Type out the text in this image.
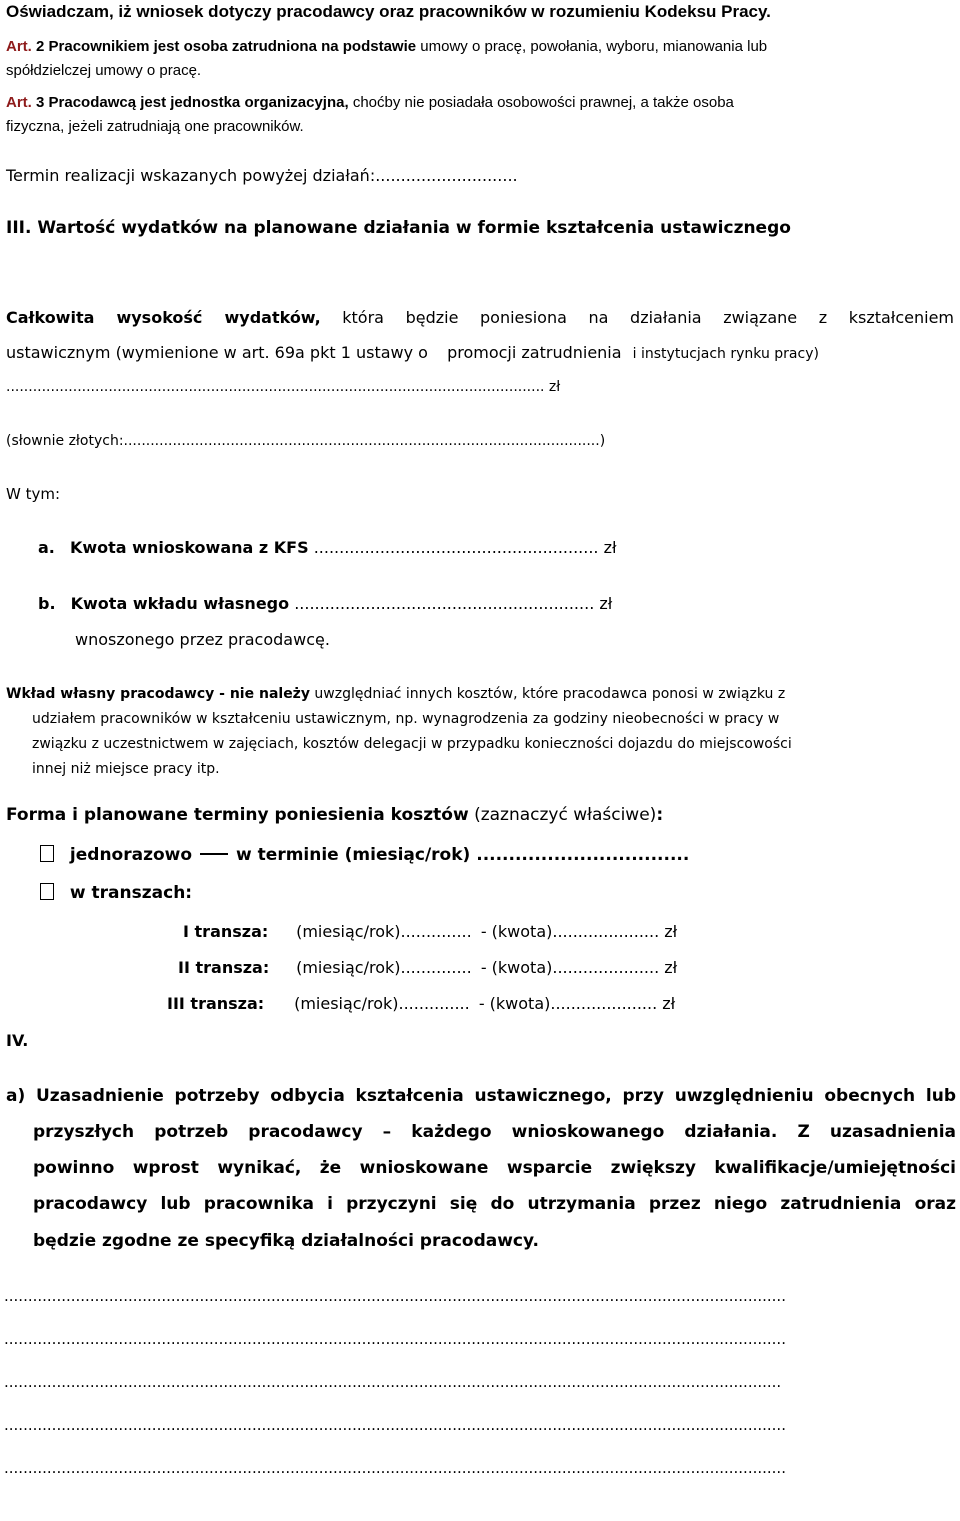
Oświadczam, iż wniosek dotyczy pracodawcy oraz pracowników w rozumieniu Kodeksu Pracy.
Art. 2 Pracownikiem jest osoba zatrudniona na podstawie umowy o pracę, powołania, wyboru, mianowania lub
spółdzielczej umowy o pracę.
Art. 3 Pracodawcą jest jednostka organizacyjna, choćby nie posiadała osobowości prawnej, a także osoba
fizyczna, jeżeli zatrudniają one pracowników.
Termin realizacji wskazanych powyżej działań:............................
III. Wartość wydatków na planowane działania w formie kształcenia ustawicznego
Całkowita wysokość wydatków, która będzie poniesiona na działania związane z kształceniem
ustawicznym (wymienione w art. 69a pkt 1 ustawy o promocji zatrudnienia i instytucjach rynku pracy)
......................................................................................................................... zł
(słownie złotych:...........................................................................................................)
W tym:
a. Kwota wnioskowana z KFS ........................................................ zł
b. Kwota wkładu własnego ........................................................... zł
wnoszonego przez pracodawcę.
Wkład własny pracodawcy - nie należy uwzględniać innych kosztów, które pracodawca ponosi w związku z
udziałem pracowników w kształceniu ustawicznym, np. wynagrodzenia za godziny nieobecności w pracy w
związku z uczestnictwem w zajęciach, kosztów delegacji w przypadku konieczności dojazdu do miejscowości
innej niż miejsce pracy itp.
Forma i planowane terminy poniesienia kosztów (zaznaczyć właściwe):
jednorazowo	w terminie (miesiąc/rok) .................................
w transzach:
I transza: (miesiąc/rok).............. - (kwota)..................... zł
II transza: (miesiąc/rok).............. - (kwota)..................... zł
III transza: (miesiąc/rok).............. - (kwota)..................... zł
IV.
a) Uzasadnienie potrzeby odbycia kształcenia ustawicznego, przy uwzględnieniu obecnych lub
przyszłych potrzeb pracodawcy – każdego wnioskowanego działania. Z uzasadnienia
powinno wprost wynikać, że wnioskowane wsparcie zwiększy kwalifikacje/umiejętności
pracodawcy lub pracownika i przyczyni się do utrzymania przez niego zatrudnienia oraz
będzie zgodne ze specyfiką działalności pracodawcy.
....................................................................................................................................................................
....................................................................................................................................................................
...................................................................................................................................................................
....................................................................................................................................................................
....................................................................................................................................................................
